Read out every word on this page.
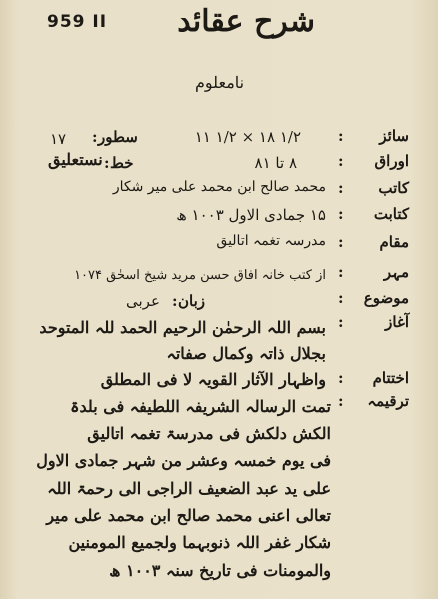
959 II شرح عقائد
نامعلوم
سائز
:
۱/۲ ۱۸ × ۱/۲ ۱۱
سطور
:
۱۷
اوراق
:
۸ تا ۸۱
خط
:
نستعلیق
کاتب
:
محمد صالح ابن محمد علی میر شکار
کتابت
:
۱۵ جمادی الاول ۱۰۰۳ ھ
مقام
:
مدرسہ تغمہ اتالیق
مہر
:
از کتب خانہ افاق حسن مرید شیخ اسحٰق ۱۰۷۴
موضوع
:
زبان
:
عربی
آغاز
:
بسم اللہ الرحمٰن الرحیم الحمد للہ المتوحد
بجلال ذاتہ وکمال صفاتہ
اختتام
:
واظہار الآثار القویہ لا فی المطلق
ترقیمہ
:
تمت الرسالہ الشریفہ اللطیفہ فی بلدۃ
الکش دلکش فی مدرسۃ تغمہ اتالیق
فی یوم خمسہ وعشر من شہر جمادی الاول
علی ید عبد الضعیف الراجی الی رحمۃ اللہ
تعالی اعنی محمد صالح ابن محمد علی میر
شکار غفر اللہ ذنوبہما ولجمیع المومنین
والمومنات فی تاریخ سنہ ۱۰۰۳ ھ
